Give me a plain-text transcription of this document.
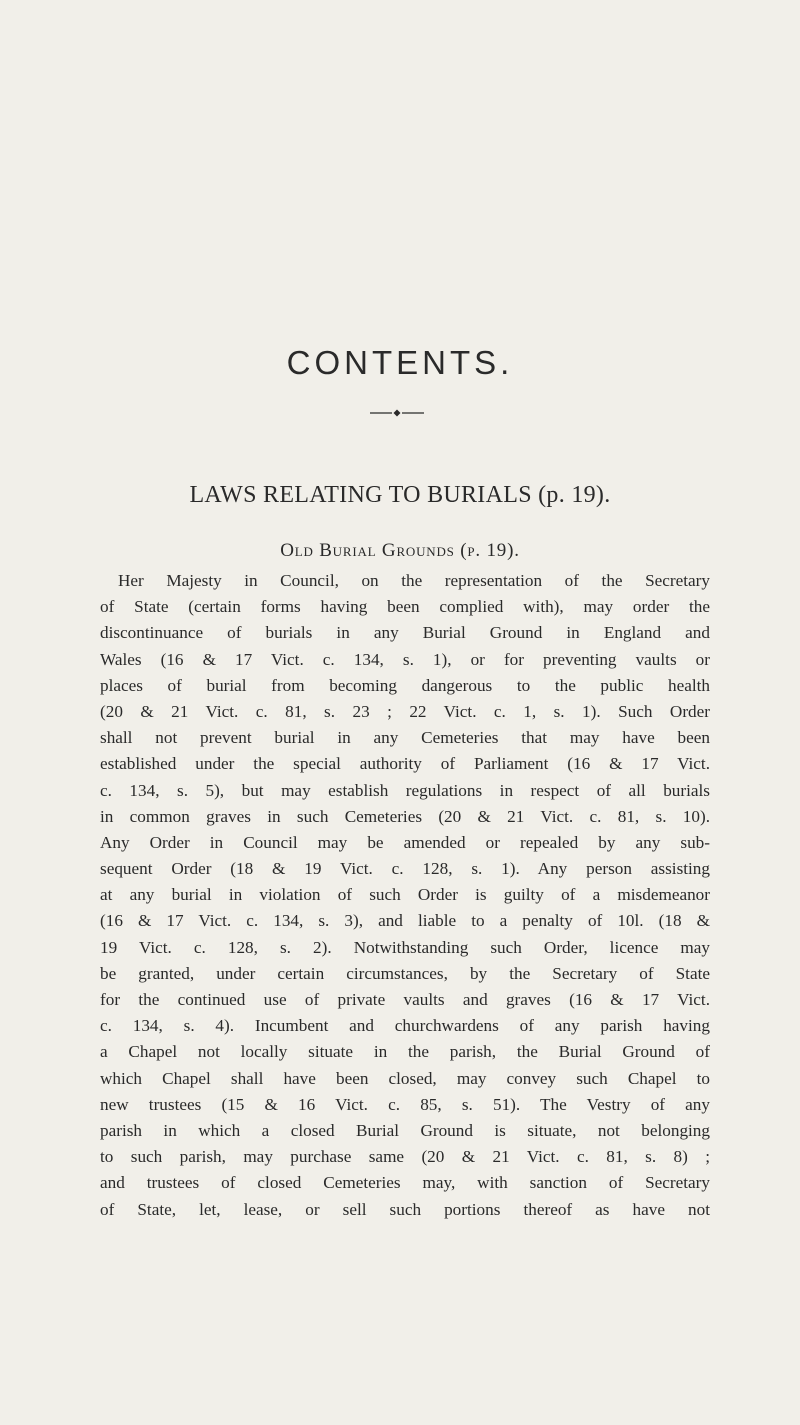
CONTENTS.
LAWS RELATING TO BURIALS (p. 19).
Old Burial Grounds (p. 19).
Her Majesty in Council, on the representation of the Secretary
of State (certain forms having been complied with), may order the
discontinuance of burials in any Burial Ground in England and
Wales (16 & 17 Vict. c. 134, s. 1), or for preventing vaults or
places of burial from becoming dangerous to the public health
(20 & 21 Vict. c. 81, s. 23 ; 22 Vict. c. 1, s. 1). Such Order
shall not prevent burial in any Cemeteries that may have been
established under the special authority of Parliament (16 & 17 Vict.
c. 134, s. 5), but may establish regulations in respect of all burials
in common graves in such Cemeteries (20 & 21 Vict. c. 81, s. 10).
Any Order in Council may be amended or repealed by any sub-
sequent Order (18 & 19 Vict. c. 128, s. 1). Any person assisting
at any burial in violation of such Order is guilty of a misdemeanor
(16 & 17 Vict. c. 134, s. 3), and liable to a penalty of 10l. (18 &
19 Vict. c. 128, s. 2). Notwithstanding such Order, licence may
be granted, under certain circumstances, by the Secretary of State
for the continued use of private vaults and graves (16 & 17 Vict.
c. 134, s. 4). Incumbent and churchwardens of any parish having
a Chapel not locally situate in the parish, the Burial Ground of
which Chapel shall have been closed, may convey such Chapel to
new trustees (15 & 16 Vict. c. 85, s. 51). The Vestry of any
parish in which a closed Burial Ground is situate, not belonging
to such parish, may purchase same (20 & 21 Vict. c. 81, s. 8) ;
and trustees of closed Cemeteries may, with sanction of Secretary
of State, let, lease, or sell such portions thereof as have not
